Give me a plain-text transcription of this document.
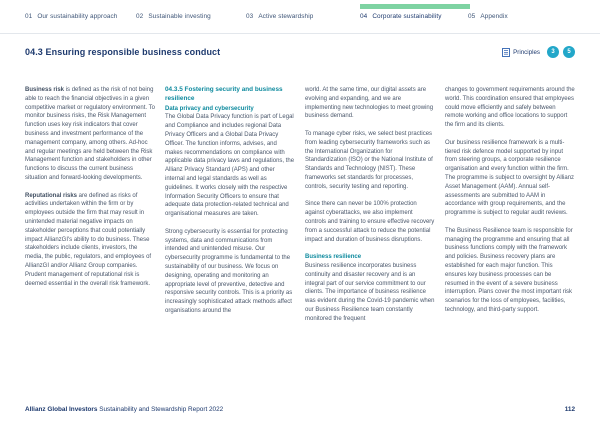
01 Our sustainability approach	02 Sustainable investing	03 Active stewardship	04 Corporate sustainability	05 Appendix
04.3 Ensuring responsible business conduct	Principles	3	5

Business risk is defined as the risk of not being able to reach the financial objectives in a given competitive market or regulatory environment. To monitor business risks, the Risk Management function uses key risk indicators that cover business and investment performance of the management company, among others. Ad-hoc and regular meetings are held between the Risk Management function and stakeholders in other functions to discuss the current business situation and forward-looking developments.

Reputational risks are defined as risks of activities undertaken within the firm or by employees outside the firm that may result in unintended material negative impacts on stakeholder perceptions that could potentially impact AllianzGI's ability to do business. These stakeholders include clients, investors, the media, the public, regulators, and employees of AllianzGI and/or Allianz Group companies. Prudent management of reputational risk is deemed essential in the overall risk framework.

04.3.5 Fostering security and business resilience
Data privacy and cybersecurity

The Global Data Privacy function is part of Legal and Compliance and includes regional Data Privacy Officers and a Global Data Privacy Officer. The function informs, advises, and makes recommendations on compliance with applicable data privacy laws and regulations, the Allianz Privacy Standard (APS) and other internal and legal standards as well as guidelines. It works closely with the respective Information Security Officers to ensure that adequate data protection-related technical and organisational measures are taken.

Strong cybersecurity is essential for protecting systems, data and communications from intended and unintended misuse. Our cybersecurity programme is fundamental to the sustainability of our business. We focus on designing, operating and monitoring an appropriate level of preventive, detective and responsive security controls. This is a priority as increasingly sophisticated attack methods affect organisations around the

world. At the same time, our digital assets are evolving and expanding, and we are implementing new technologies to meet growing business demand.

To manage cyber risks, we select best practices from leading cybersecurity frameworks such as the International Organization for Standardization (ISO) or the National Institute of Standards and Technology (NIST). These frameworks set standards for processes, controls, security testing and reporting.

Since there can never be 100% protection against cyberattacks, we also implement controls and training to ensure effective recovery from a successful attack to reduce the potential impact and duration of business disruptions.

Business resilience

Business resilience incorporates business continuity and disaster recovery and is an integral part of our service commitment to our clients. The importance of business resilience was evident during the Covid-19 pandemic when our Business Resilience team constantly monitored the frequent

changes to government requirements around the world. This coordination ensured that employees could move efficiently and safely between remote working and office locations to support the firm and its clients.

Our business resilience framework is a multi-tiered risk defence model supported by input from steering groups, a corporate resilience organisation and every function within the firm. The programme is subject to oversight by Allianz Asset Management (AAM). Annual self-assessments are submitted to AAM in accordance with group requirements, and the programme is subject to regular audit reviews.

The Business Resilience team is responsible for managing the programme and ensuring that all business functions comply with the framework and policies. Business recovery plans are established for each major function. This ensures key business processes can be resumed in the event of a severe business interruption. Plans cover the most important risk scenarios for the loss of employees, facilities, technology, and third-party support.

Allianz Global Investors Sustainability and Stewardship Report 2022	112
